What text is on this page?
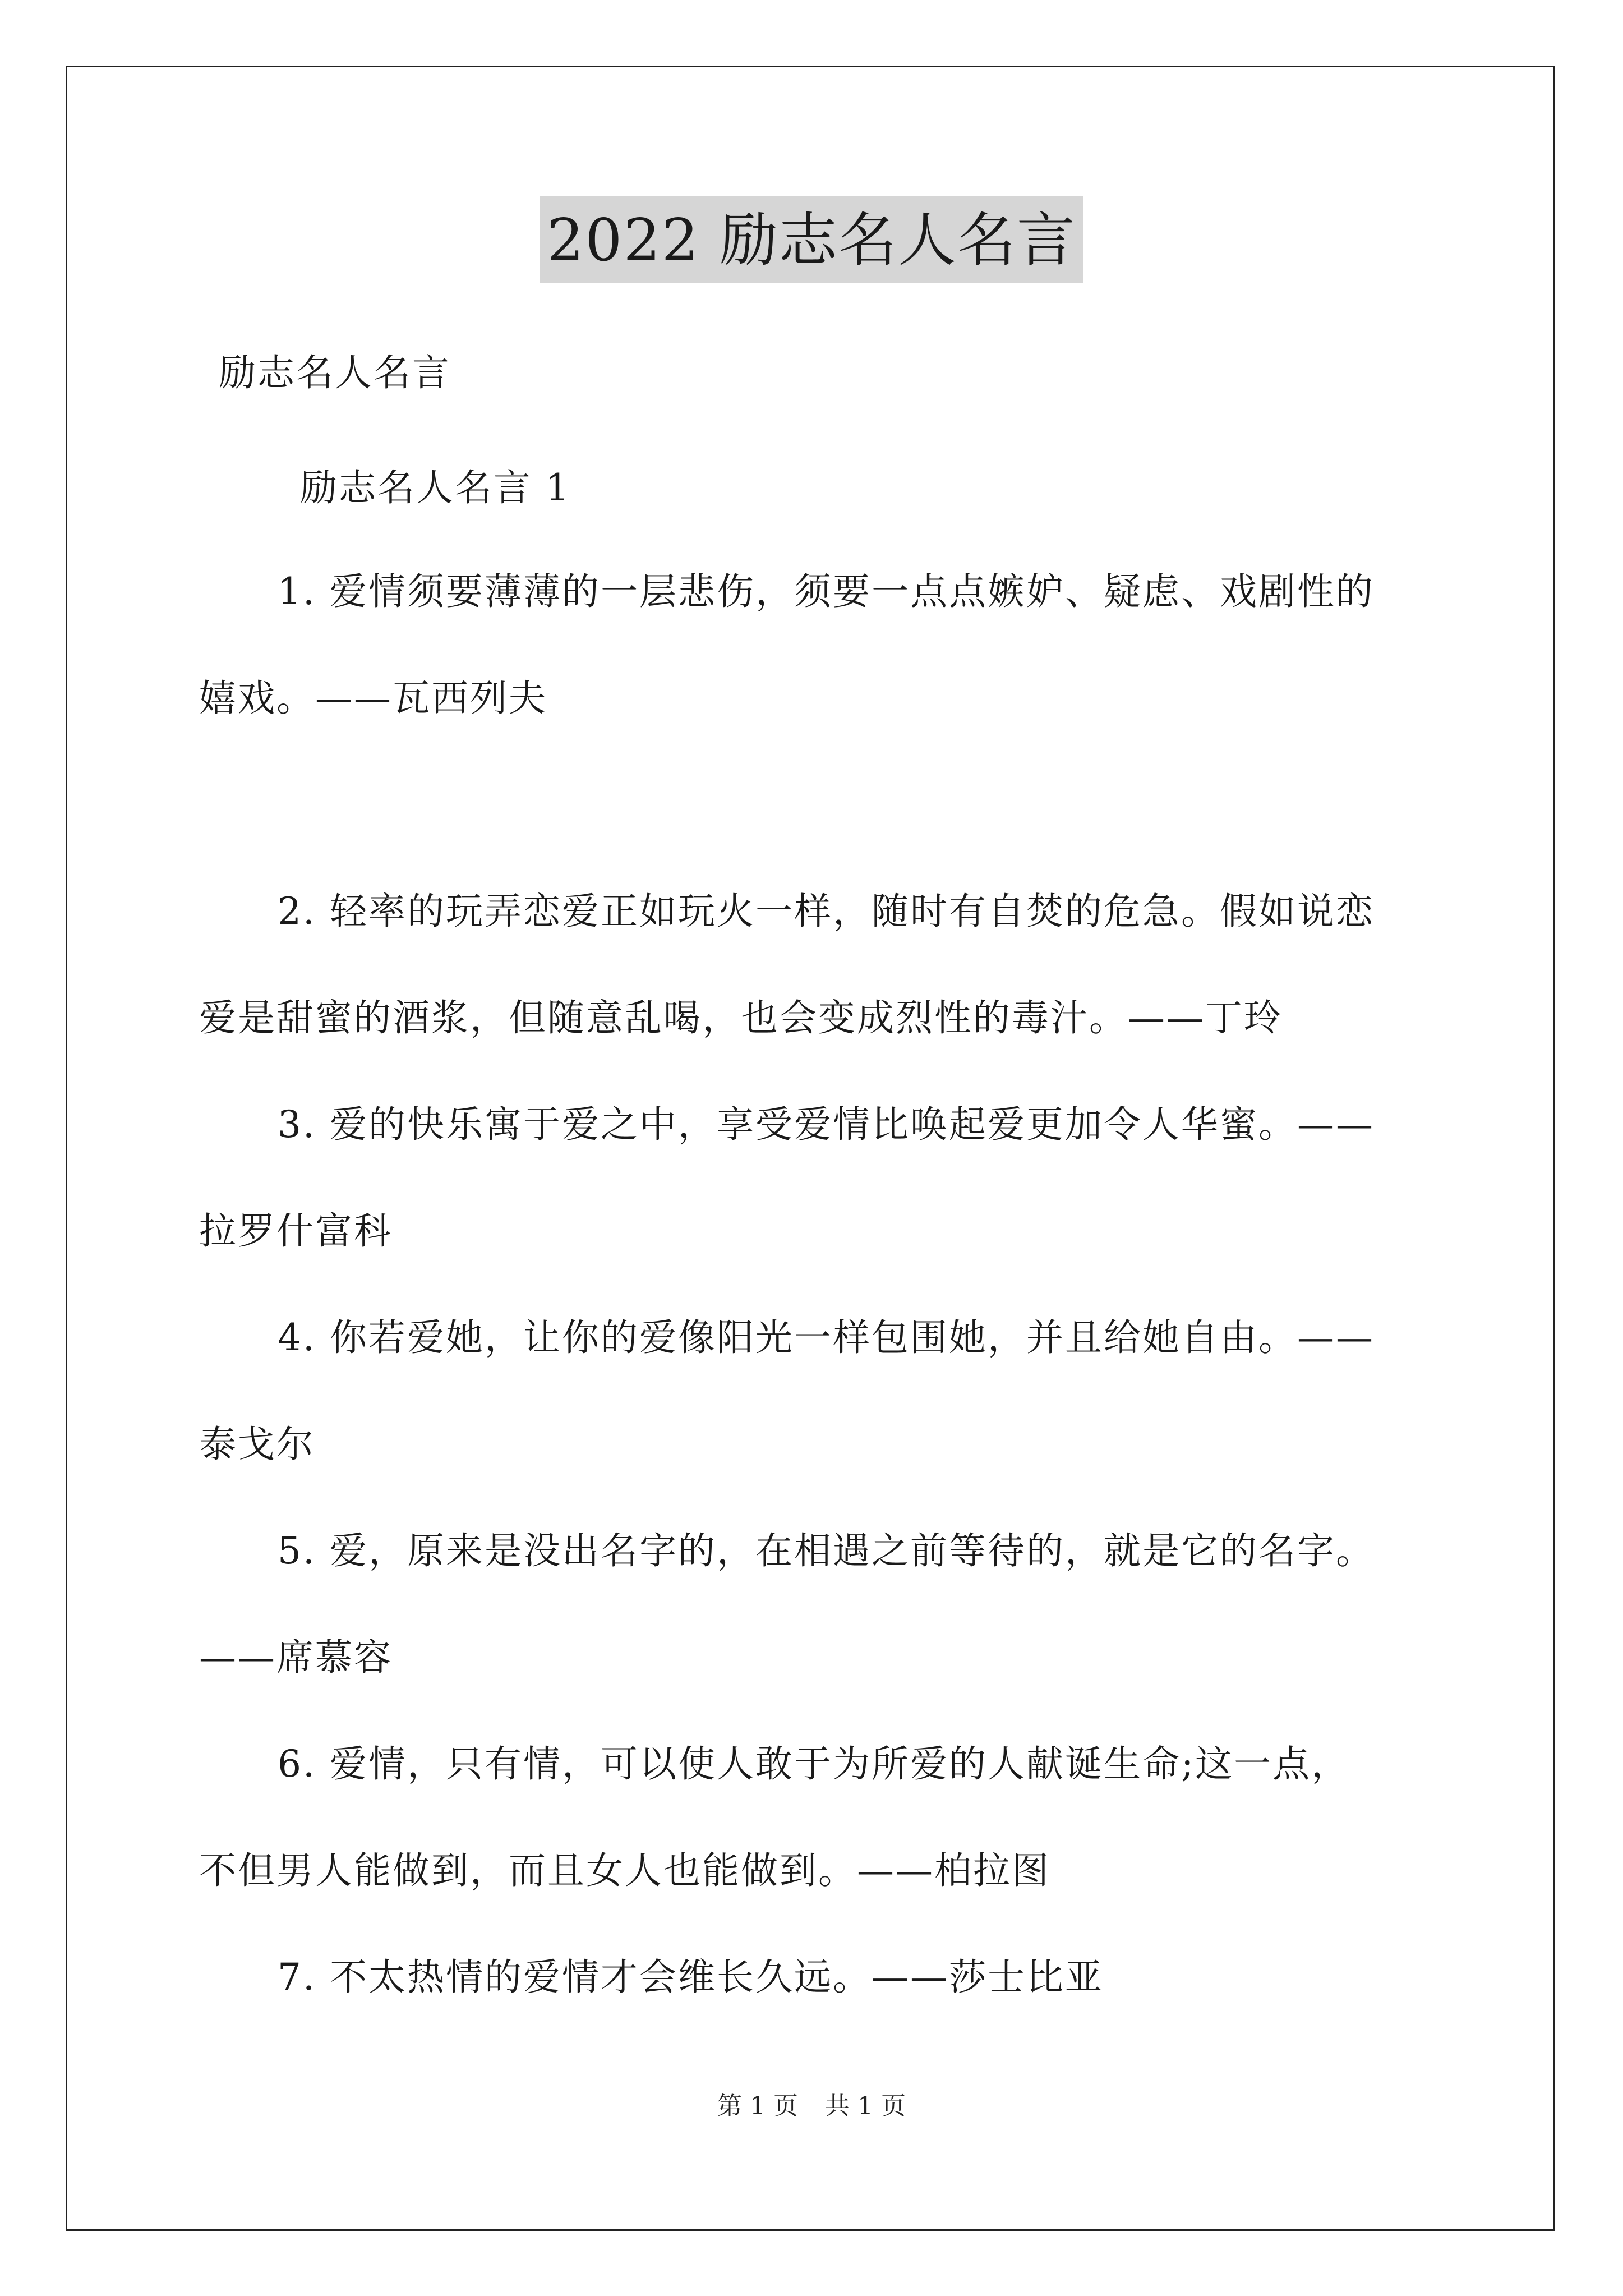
2022 励志名人名言
励志名人名言
励志名人名言 1
1. 爱情须要薄薄的一层悲伤，须要一点点嫉妒、疑虑、戏剧性的
嬉戏。——瓦西列夫
2. 轻率的玩弄恋爱正如玩火一样，随时有自焚的危急。假如说恋
爱是甜蜜的酒浆，但随意乱喝，也会变成烈性的毒汁。——丁玲
3. 爱的快乐寓于爱之中，享受爱情比唤起爱更加令人华蜜。——
拉罗什富科
4. 你若爱她，让你的爱像阳光一样包围她，并且给她自由。——
泰戈尔
5. 爱，原来是没出名字的，在相遇之前等待的，就是它的名字。
——席慕容
6. 爱情，只有情，可以使人敢于为所爱的人献诞生命;这一点，
不但男人能做到，而且女人也能做到。——柏拉图
7. 不太热情的爱情才会维长久远。——莎士比亚
第 1 页 共 1 页
